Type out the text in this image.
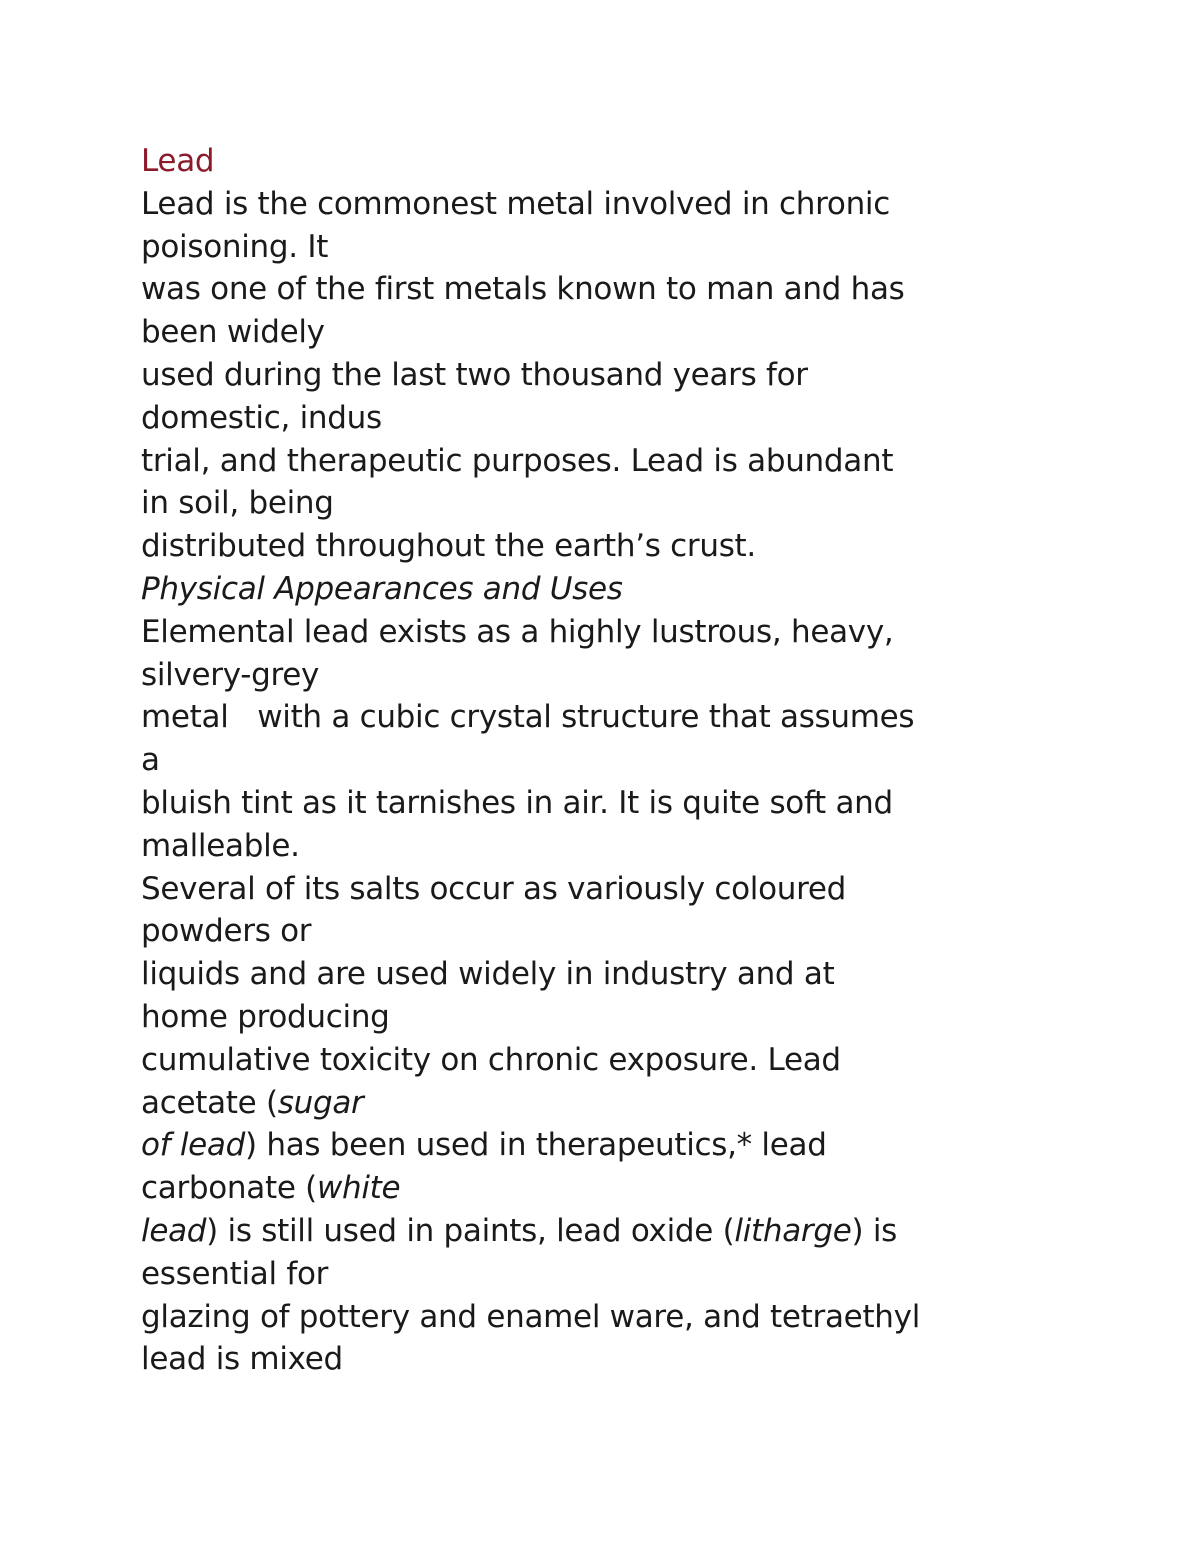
Lead
Lead is the commonest metal involved in chronic
poisoning. It
was one of the first metals known to man and has
been widely
used during the last two thousand years for
domestic, indus
trial, and therapeutic purposes. Lead is abundant
in soil, being
distributed throughout the earth’s crust.
Physical Appearances and Uses
Elemental lead exists as a highly lustrous, heavy,
silvery-grey
metal   with a cubic crystal structure that assumes
a
bluish tint as it tarnishes in air. It is quite soft and
malleable.
Several of its salts occur as variously coloured
powders or
liquids and are used widely in industry and at
home producing
cumulative toxicity on chronic exposure. Lead
acetate (sugar
of lead) has been used in therapeutics,* lead
carbonate (white
lead) is still used in paints, lead oxide (litharge) is
essential for
glazing of pottery and enamel ware, and tetraethyl
lead is mixed
